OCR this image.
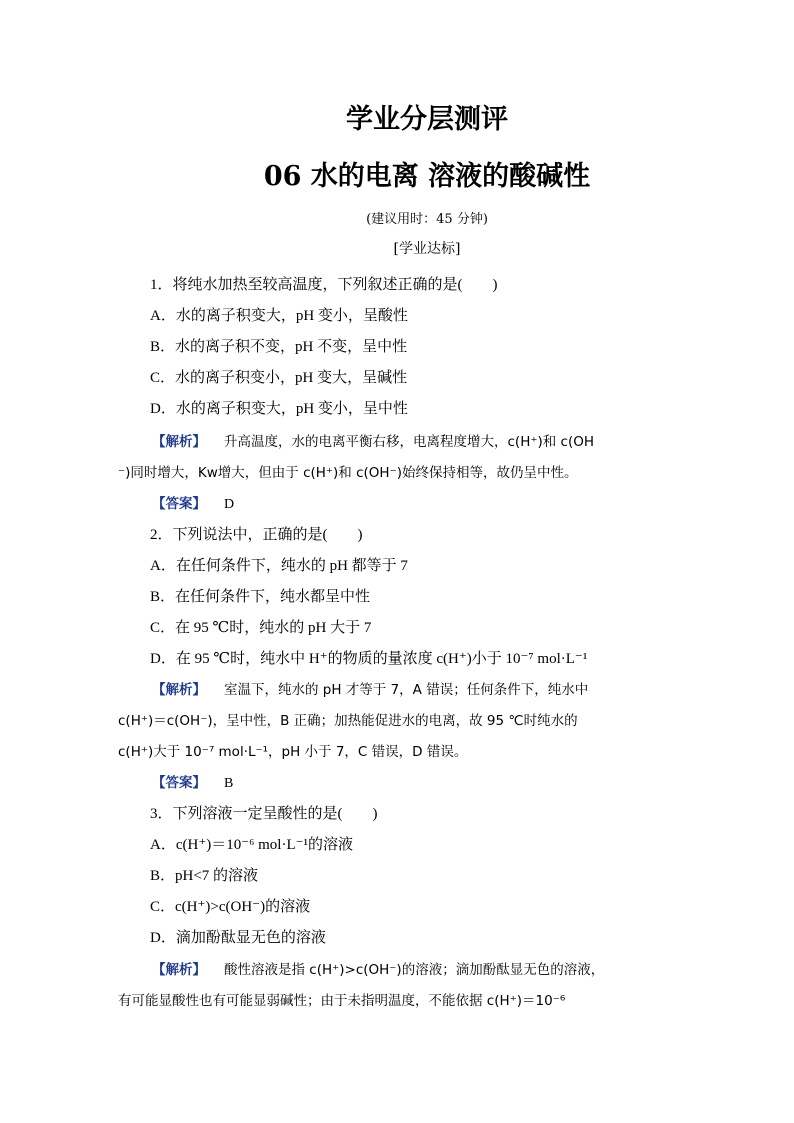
学业分层测评
06 水的电离 溶液的酸碱性
(建议用时：45 分钟)
[学业达标]
1．将纯水加热至较高温度，下列叙述正确的是(　　)
A．水的离子积变大，pH 变小，呈酸性
B．水的离子积不变，pH 不变，呈中性
C．水的离子积变小，pH 变大，呈碱性
D．水的离子积变大，pH 变小，呈中性
【解析】 升高温度，水的电离平衡右移，电离程度增大，c(H⁺)和 c(OH
⁻)同时增大，Kw增大，但由于 c(H⁺)和 c(OH⁻)始终保持相等，故仍呈中性。
【答案】 D
2．下列说法中，正确的是(　　)
A．在任何条件下，纯水的 pH 都等于 7
B．在任何条件下，纯水都呈中性
C．在 95 ℃时，纯水的 pH 大于 7
D．在 95 ℃时，纯水中 H⁺的物质的量浓度 c(H⁺)小于 10⁻⁷ mol·L⁻¹
【解析】 室温下，纯水的 pH 才等于 7，A 错误；任何条件下，纯水中
c(H⁺)＝c(OH⁻)，呈中性，B 正确；加热能促进水的电离，故 95 ℃时纯水的
c(H⁺)大于 10⁻⁷ mol·L⁻¹，pH 小于 7，C 错误，D 错误。
【答案】 B
3．下列溶液一定呈酸性的是(　　)
A．c(H⁺)＝10⁻⁶ mol·L⁻¹的溶液
B．pH<7 的溶液
C．c(H⁺)>c(OH⁻)的溶液
D．滴加酚酞显无色的溶液
【解析】 酸性溶液是指 c(H⁺)>c(OH⁻)的溶液；滴加酚酞显无色的溶液，
有可能显酸性也有可能显弱碱性；由于未指明温度，不能依据 c(H⁺)＝10⁻⁶
